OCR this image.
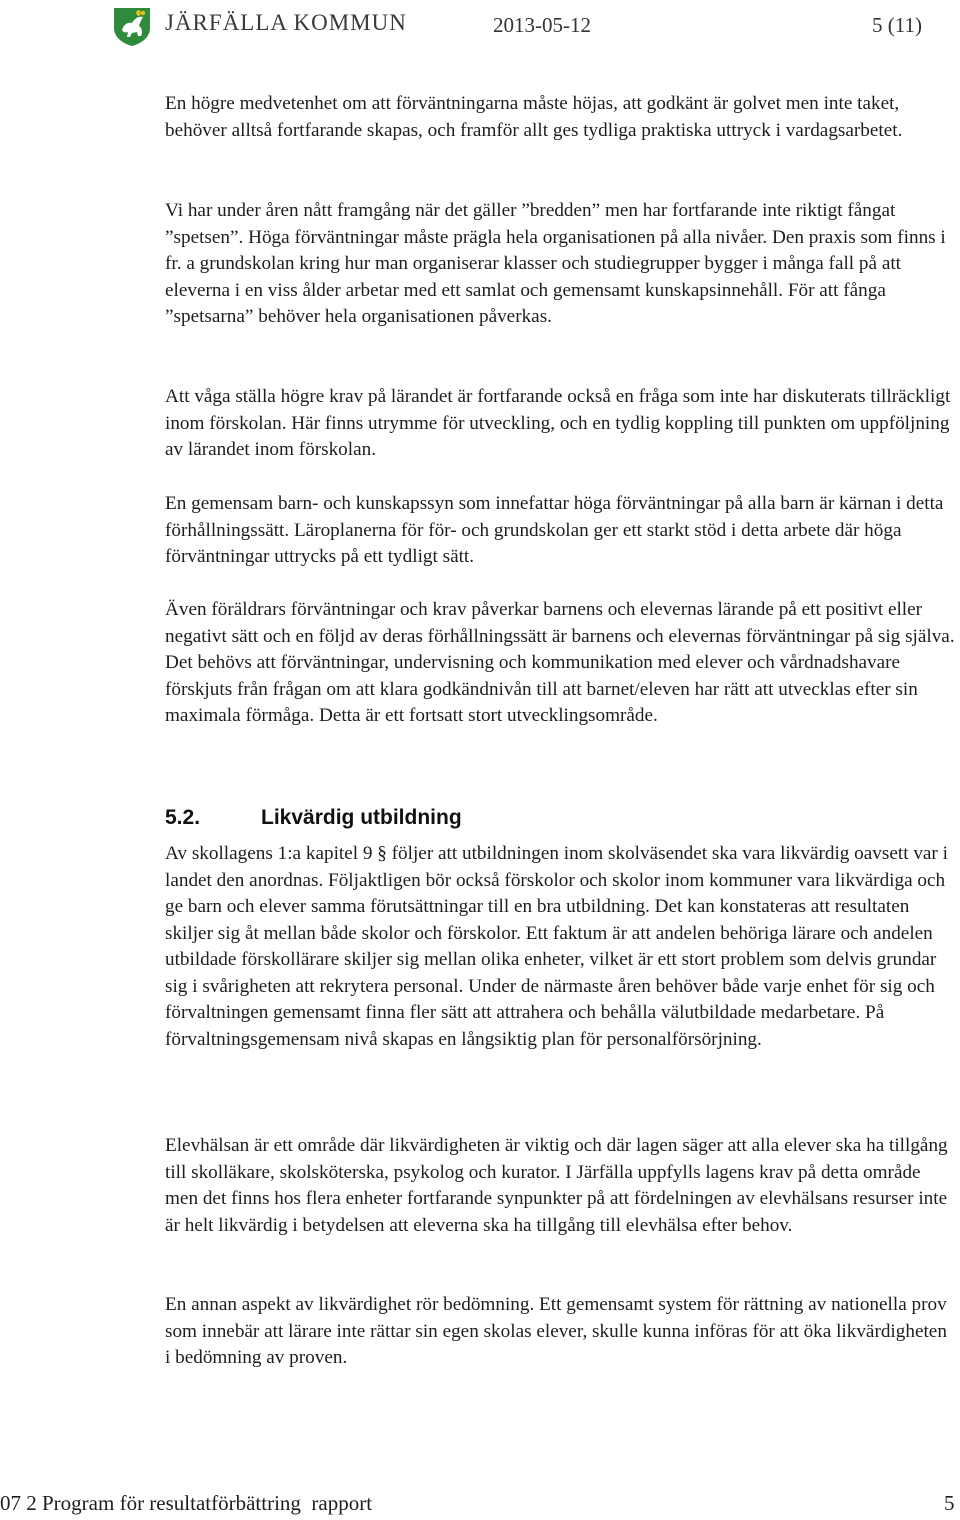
JÄRFÄLLA KOMMUN	2013-05-12	5 (11)

En högre medvetenhet om att förväntningarna måste höjas, att godkänt är golvet men inte taket, behöver alltså fortfarande skapas, och framför allt ges tydliga praktiska uttryck i vardagsarbetet.

Vi har under åren nått framgång när det gäller ”bredden” men har fortfarande inte riktigt fångat ”spetsen”. Höga förväntningar måste prägla hela organisationen på alla nivåer. Den praxis som finns i fr. a grundskolan kring hur man organiserar klasser och studiegrupper bygger i många fall på att eleverna i en viss ålder arbetar med ett samlat och gemensamt kunskapsinnehåll. För att fånga ”spetsarna” behöver hela organisationen påverkas.

Att våga ställa högre krav på lärandet är fortfarande också en fråga som inte har diskuterats tillräckligt inom förskolan. Här finns utrymme för utveckling, och en tydlig koppling till punkten om uppföljning av lärandet inom förskolan.

En gemensam barn- och kunskapssyn som innefattar höga förväntningar på alla barn är kärnan i detta förhållningssätt. Läroplanerna för för- och grundskolan ger ett starkt stöd i detta arbete där höga förväntningar uttrycks på ett tydligt sätt.

Även föräldrars förväntningar och krav påverkar barnens och elevernas lärande på ett positivt eller negativt sätt och en följd av deras förhållningssätt är barnens och elevernas förväntningar på sig själva. Det behövs att förväntningar, undervisning och kommunikation med elever och vårdnadshavare förskjuts från frågan om att klara godkändnivån till att barnet/eleven har rätt att utvecklas efter sin maximala förmåga. Detta är ett fortsatt stort utvecklingsområde.

5.2.	Likvärdig utbildning

Av skollagens 1:a kapitel 9 § följer att utbildningen inom skolväsendet ska vara likvärdig oavsett var i landet den anordnas. Följaktligen bör också förskolor och skolor inom kommuner vara likvärdiga och ge barn och elever samma förutsättningar till en bra utbildning. Det kan konstateras att resultaten skiljer sig åt mellan både skolor och förskolor. Ett faktum är att andelen behöriga lärare och andelen utbildade förskollärare skiljer sig mellan olika enheter, vilket är ett stort problem som delvis grundar sig i svårigheten att rekrytera personal. Under de närmaste åren behöver både varje enhet för sig och förvaltningen gemensamt finna fler sätt att attrahera och behålla välutbildade medarbetare. På förvaltningsgemensam nivå skapas en långsiktig plan för personalförsörjning.

Elevhälsan är ett område där likvärdigheten är viktig och där lagen säger att alla elever ska ha tillgång till skolläkare, skolsköterska, psykolog och kurator. I Järfälla uppfylls lagens krav på detta område men det finns hos flera enheter fortfarande synpunkter på att fördelningen av elevhälsans resurser inte är helt likvärdig i betydelsen att eleverna ska ha tillgång till elevhälsa efter behov.

En annan aspekt av likvärdighet rör bedömning. Ett gemensamt system för rättning av nationella prov som innebär att lärare inte rättar sin egen skolas elever, skulle kunna införas för att öka likvärdigheten i bedömning av proven.

07 2 Program för resultatförbättring  rapport	5
